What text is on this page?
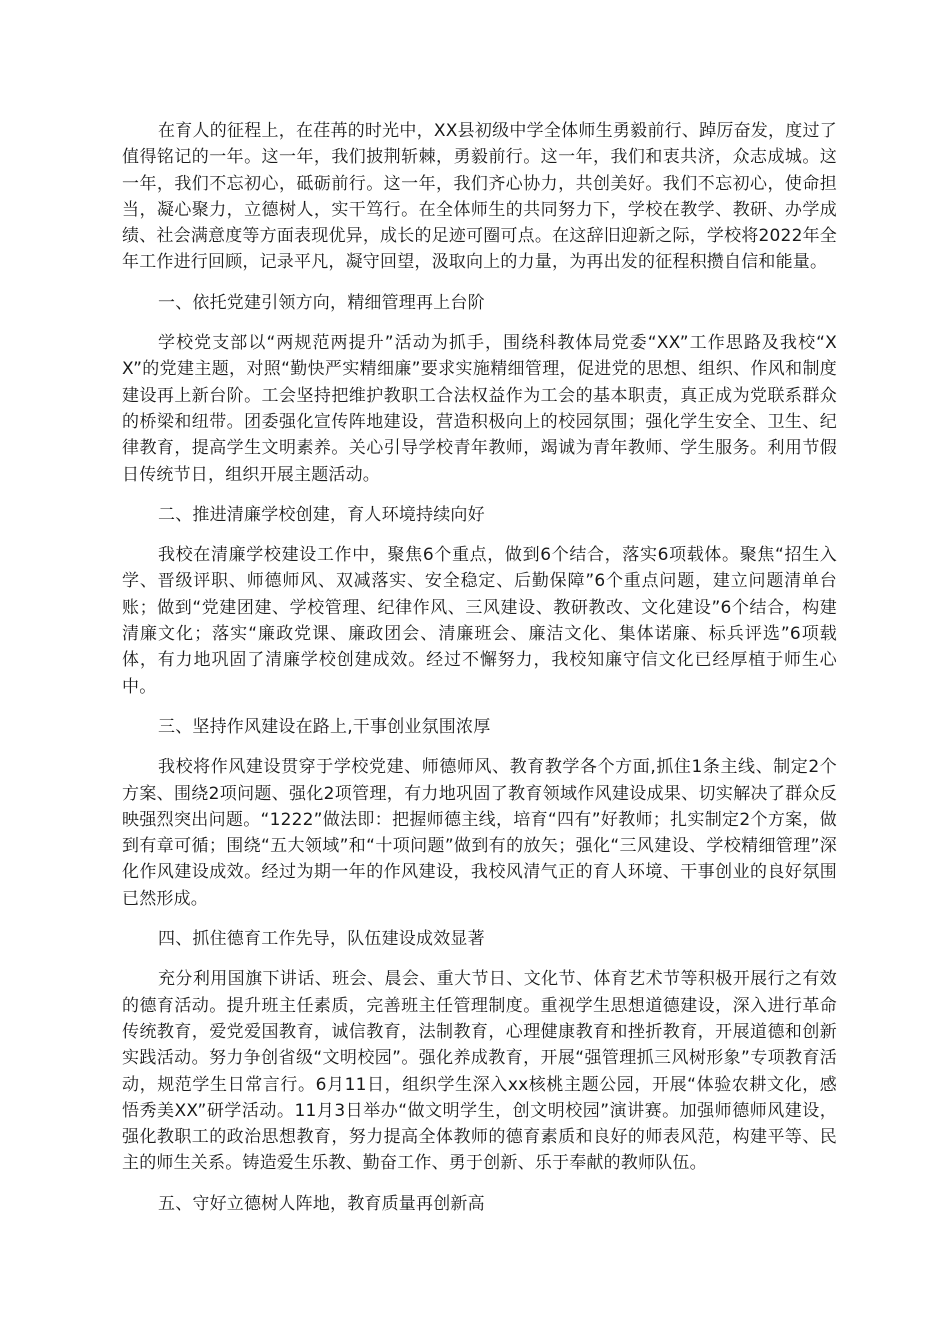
在育人的征程上，在荏苒的时光中，XX县初级中学全体师生勇毅前行、踔厉奋发，度过了值得铭记的一年。这一年，我们披荆斩棘，勇毅前行。这一年，我们和衷共济，众志成城。这一年，我们不忘初心，砥砺前行。这一年，我们齐心协力，共创美好。我们不忘初心，使命担当，凝心聚力，立德树人，实干笃行。在全体师生的共同努力下，学校在教学、教研、办学成绩、社会满意度等方面表现优异，成长的足迹可圈可点。在这辞旧迎新之际，学校将2022年全年工作进行回顾，记录平凡，凝守回望，汲取向上的力量，为再出发的征程积攒自信和能量。

一、依托党建引领方向，精细管理再上台阶

学校党支部以“两规范两提升”活动为抓手，围绕科教体局党委“XX”工作思路及我校“XX”的党建主题，对照“勤快严实精细廉”要求实施精细管理，促进党的思想、组织、作风和制度建设再上新台阶。工会坚持把维护教职工合法权益作为工会的基本职责，真正成为党联系群众的桥梁和纽带。团委强化宣传阵地建设，营造积极向上的校园氛围；强化学生安全、卫生、纪律教育，提高学生文明素养。关心引导学校青年教师，竭诚为青年教师、学生服务。利用节假日传统节日，组织开展主题活动。

二、推进清廉学校创建，育人环境持续向好

我校在清廉学校建设工作中，聚焦6个重点，做到6个结合，落实6项载体。聚焦“招生入学、晋级评职、师德师风、双减落实、安全稳定、后勤保障”6个重点问题，建立问题清单台账；做到“党建团建、学校管理、纪律作风、三风建设、教研教改、文化建设”6个结合，构建清廉文化；落实“廉政党课、廉政团会、清廉班会、廉洁文化、集体诺廉、标兵评选”6项载体，有力地巩固了清廉学校创建成效。经过不懈努力，我校知廉守信文化已经厚植于师生心中。

三、坚持作风建设在路上,干事创业氛围浓厚

我校将作风建设贯穿于学校党建、师德师风、教育教学各个方面,抓住1条主线、制定2个方案、围绕2项问题、强化2项管理，有力地巩固了教育领域作风建设成果、切实解决了群众反映强烈突出问题。“1222”做法即：把握师德主线，培育“四有”好教师；扎实制定2个方案，做到有章可循；围绕“五大领域”和“十项问题”做到有的放矢；强化“三风建设、学校精细管理”深化作风建设成效。经过为期一年的作风建设，我校风清气正的育人环境、干事创业的良好氛围已然形成。

四、抓住德育工作先导，队伍建设成效显著

充分利用国旗下讲话、班会、晨会、重大节日、文化节、体育艺术节等积极开展行之有效的德育活动。提升班主任素质，完善班主任管理制度。重视学生思想道德建设，深入进行革命传统教育，爱党爱国教育，诚信教育，法制教育，心理健康教育和挫折教育，开展道德和创新实践活动。努力争创省级“文明校园”。强化养成教育，开展“强管理抓三风树形象”专项教育活动，规范学生日常言行。6月11日，组织学生深入xx核桃主题公园，开展“体验农耕文化，感悟秀美XX”研学活动。11月3日举办“做文明学生，创文明校园”演讲赛。加强师德师风建设，强化教职工的政治思想教育，努力提高全体教师的德育素质和良好的师表风范，构建平等、民主的师生关系。铸造爱生乐教、勤奋工作、勇于创新、乐于奉献的教师队伍。

五、守好立德树人阵地，教育质量再创新高
